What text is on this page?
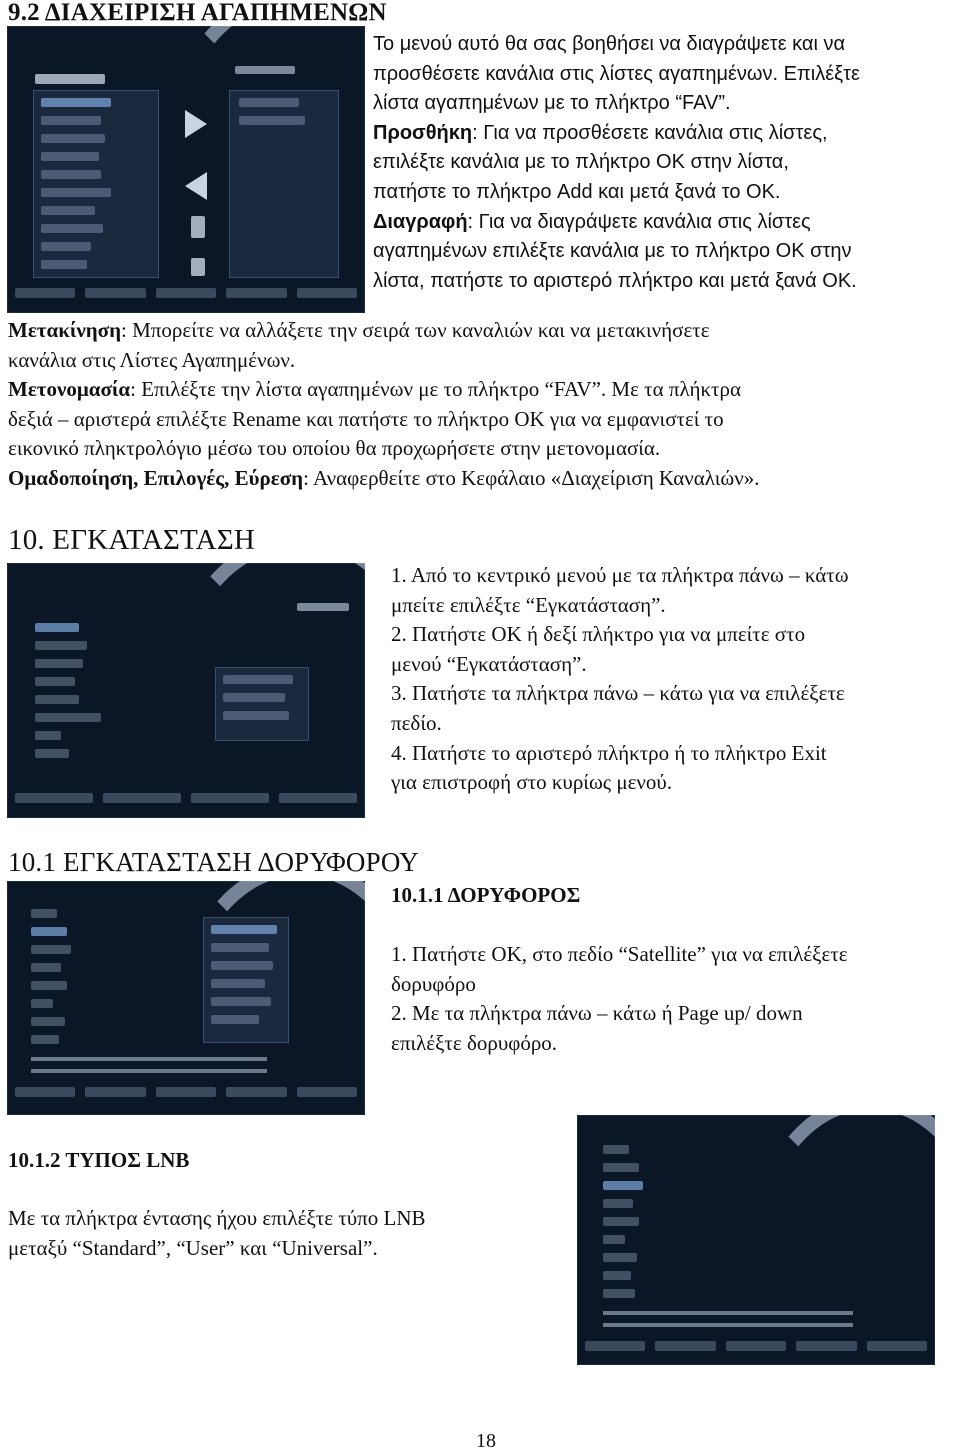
9.2 ΔΙΑΧΕΙΡΙΣΗ ΑΓΑΠΗΜΕΝΩΝ
Το μενού αυτό θα σας βοηθήσει να διαγράψετε και να
προσθέσετε κανάλια στις λίστες αγαπημένων. Επιλέξτε
λίστα αγαπημένων με το πλήκτρο “FAV”.
Προσθήκη: Για να προσθέσετε κανάλια στις λίστες,
επιλέξτε κανάλια με το πλήκτρο ΟΚ στην λίστα,
πατήστε το πλήκτρο Add και μετά ξανά το ΟΚ.
Διαγραφή: Για να διαγράψετε κανάλια στις λίστες
αγαπημένων επιλέξτε κανάλια με το πλήκτρο ΟΚ στην
λίστα, πατήστε το αριστερό πλήκτρο και μετά ξανά ΟΚ.
Μετακίνηση: Μπορείτε να αλλάξετε την σειρά των καναλιών και να μετακινήσετε
κανάλια στις Λίστες Αγαπημένων.
Μετονομασία: Επιλέξτε την λίστα αγαπημένων με το πλήκτρο “FAV”. Με τα πλήκτρα
δεξιά – αριστερά επιλέξτε Rename και πατήστε το πλήκτρο ΟΚ για να εμφανιστεί το
εικονικό πληκτρολόγιο μέσω του οποίου θα προχωρήσετε στην μετονομασία.
Ομαδοποίηση, Επιλογές, Εύρεση: Αναφερθείτε στο Κεφάλαιο «Διαχείριση Καναλιών».
10. ΕΓΚΑΤΑΣΤΑΣΗ
1. Από το κεντρικό μενού με τα πλήκτρα πάνω – κάτω
μπείτε επιλέξτε “Εγκατάσταση”.
2. Πατήστε ΟΚ ή δεξί πλήκτρο για να μπείτε στο
μενού “Εγκατάσταση”.
3. Πατήστε τα πλήκτρα πάνω – κάτω για να επιλέξετε
πεδίο.
4. Πατήστε το αριστερό πλήκτρο ή το πλήκτρο Exit
για επιστροφή στο κυρίως μενού.
10.1 ΕΓΚΑΤΑΣΤΑΣΗ ΔΟΡΥΦΟΡΟΥ
10.1.1 ΔΟΡΥΦΟΡΟΣ
1. Πατήστε ΟΚ, στο πεδίο “Satellite” για να επιλέξετε
δορυφόρο
2. Με τα πλήκτρα πάνω – κάτω ή Page up/ down
επιλέξτε δορυφόρο.
10.1.2 ΤΥΠΟΣ LNB
Με τα πλήκτρα έντασης ήχου επιλέξτε τύπο LNB
μεταξύ “Standard”, “User” και “Universal”.
18
